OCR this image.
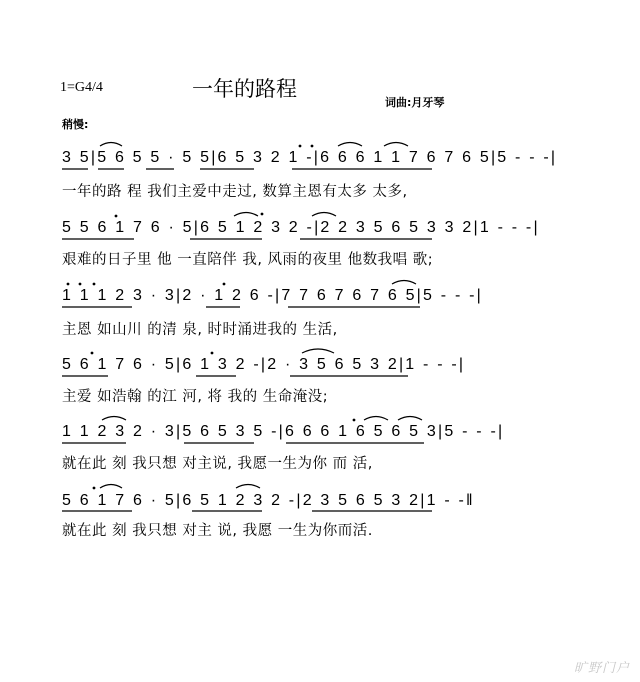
1=G4/4	一年的路程
词曲:月牙琴
稍慢:
3 5|5 6 5 5 · 5 5|6 5 3 2 1 -|6 6 6 1 1 7 6 7 6 5|5 - - -|
一年的路 程 我们主爱中走过, 数算主恩有太多 太多,
5 5 6 1 7 6 · 5|6 5 1 2 3 2 -|2 2 3 5 6 5 3 3 2|1 - - -|
艰难的日子里 他 一直陪伴 我, 风雨的夜里 他数我唱 歌;
1 1 1 2 3 · 3|2 · 1 2 6 -|7 7 6 7 6 7 6 5|5 - - -|
主恩 如山川 的清 泉, 时时涌进我的 生活,
5 6 1 7 6 · 5|6 1 3 2 -|2 · 3 5 6 5 3 2|1 - - -|
主爱 如浩翰 的江 河, 将 我的 生命淹没;
1 1 2 3 2 · 3|5 6 5 3 5 -|6 6 6 1 6 5 6 5 3|5 - - -|
就在此 刻 我只想 对主说, 我愿一生为你 而 活,
5 6 1 7 6 · 5|6 5 1 2 3 2 -|2 3 5 6 5 3 2|1 - -‖
就在此 刻 我只想 对主 说, 我愿 一生为你而活.
旷野门户
